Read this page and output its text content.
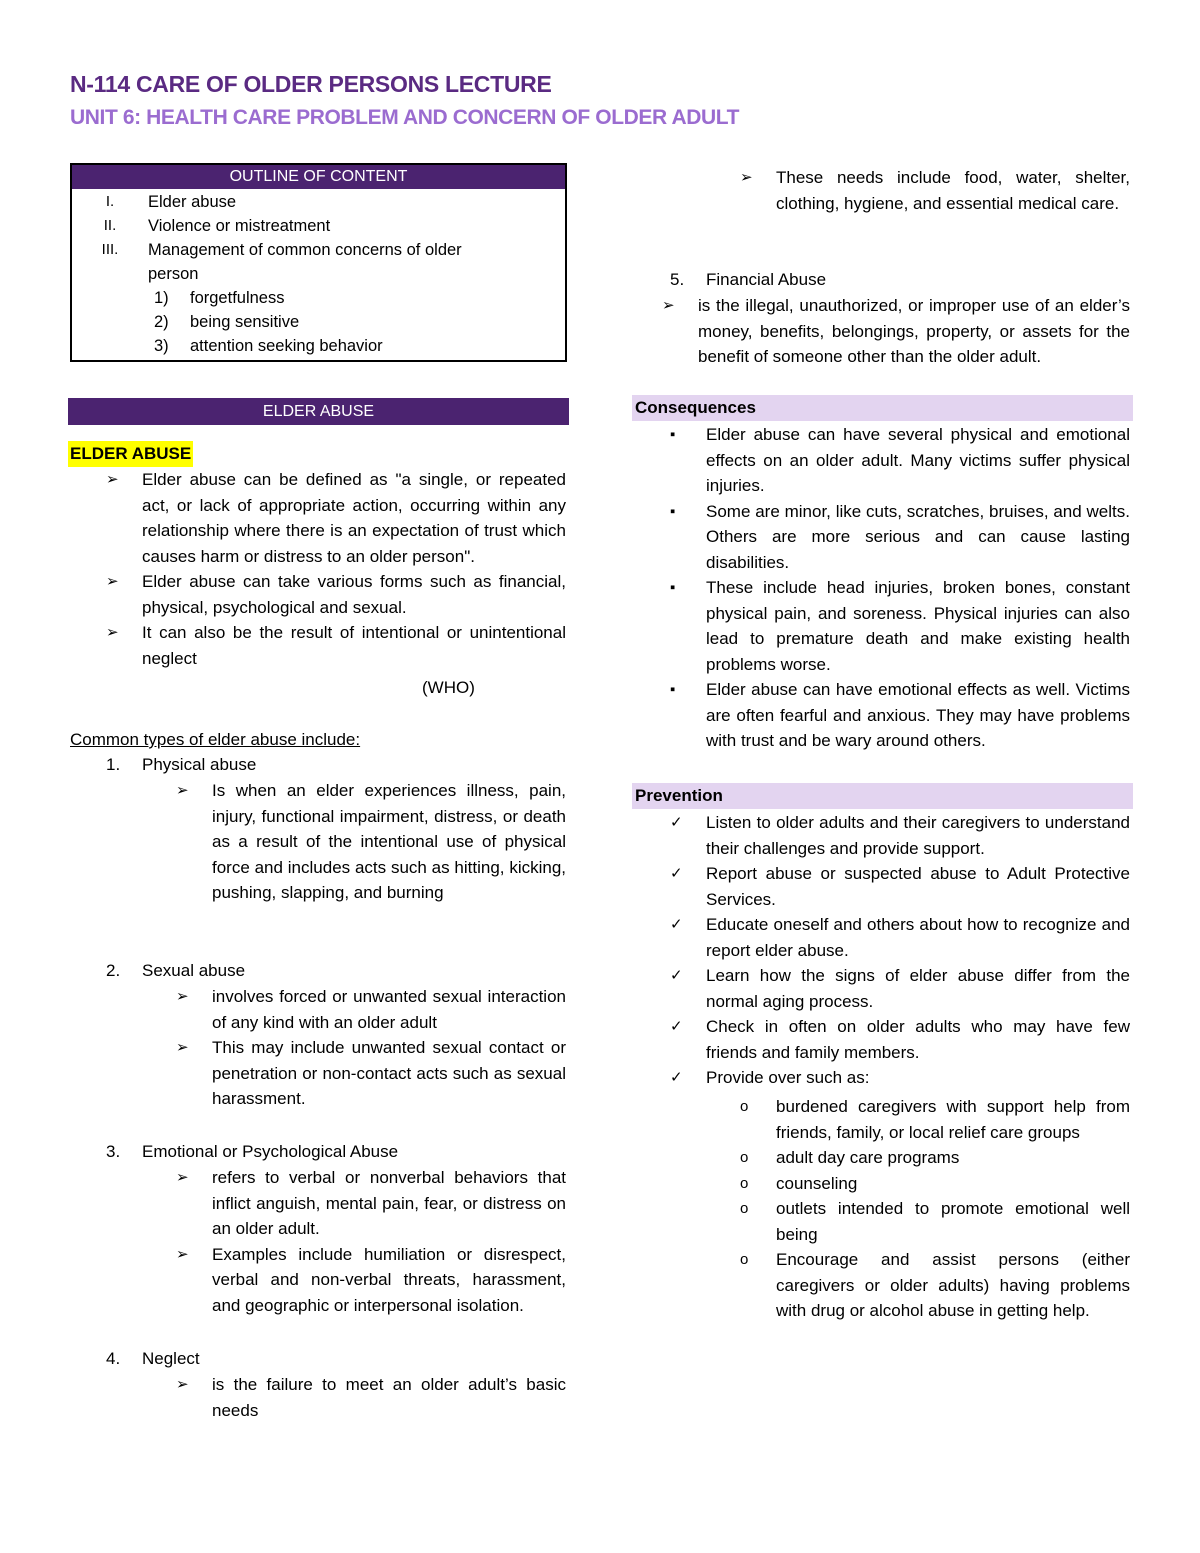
N-114 CARE OF OLDER PERSONS LECTURE
UNIT 6: HEALTH CARE PROBLEM AND CONCERN OF OLDER ADULT
OUTLINE OF CONTENT
I.	Elder abuse
II.	Violence or mistreatment
III.	Management of common concerns of older person
1)	forgetfulness
2)	being sensitive
3)	attention seeking behavior
ELDER ABUSE
ELDER ABUSE
➢	Elder abuse can be defined as "a single, or repeated act, or lack of appropriate action, occurring within any relationship where there is an expectation of trust which causes harm or distress to an older person".
➢	Elder abuse can take various forms such as financial, physical, psychological and sexual.
➢	It can also be the result of intentional or unintentional neglect
(WHO)
Common types of elder abuse include:
1.	Physical abuse
➢	Is when an elder experiences illness, pain, injury, functional impairment, distress, or death as a result of the intentional use of physical force and includes acts such as hitting, kicking, pushing, slapping, and burning
2.	Sexual abuse
➢	involves forced or unwanted sexual interaction of any kind with an older adult
➢	This may include unwanted sexual contact or penetration or non-contact acts such as sexual harassment.
3.	Emotional or Psychological Abuse
➢	refers to verbal or nonverbal behaviors that inflict anguish, mental pain, fear, or distress on an older adult.
➢	Examples include humiliation or disrespect, verbal and non-verbal threats, harassment, and geographic or interpersonal isolation.
4.	Neglect
➢	is the failure to meet an older adult’s basic needs
➢	These needs include food, water, shelter, clothing, hygiene, and essential medical care.
5.	Financial Abuse
➢	is the illegal, unauthorized, or improper use of an elder’s money, benefits, belongings, property, or assets for the benefit of someone other than the older adult.
Consequences
▪	Elder abuse can have several physical and emotional effects on an older adult. Many victims suffer physical injuries.
▪	Some are minor, like cuts, scratches, bruises, and welts. Others are more serious and can cause lasting disabilities.
▪	These include head injuries, broken bones, constant physical pain, and soreness. Physical injuries can also lead to premature death and make existing health problems worse.
▪	Elder abuse can have emotional effects as well. Victims are often fearful and anxious. They may have problems with trust and be wary around others.
Prevention
✓	Listen to older adults and their caregivers to understand their challenges and provide support.
✓	Report abuse or suspected abuse to Adult Protective Services.
✓	Educate oneself and others about how to recognize and report elder abuse.
✓	Learn how the signs of elder abuse differ from the normal aging process.
✓	Check in often on older adults who may have few friends and family members.
✓	Provide over such as:
o	burdened caregivers with support help from friends, family, or local relief care groups
o	adult day care programs
o	counseling
o	outlets intended to promote emotional well being
o	Encourage and assist persons (either caregivers or older adults) having problems with drug or alcohol abuse in getting help.
